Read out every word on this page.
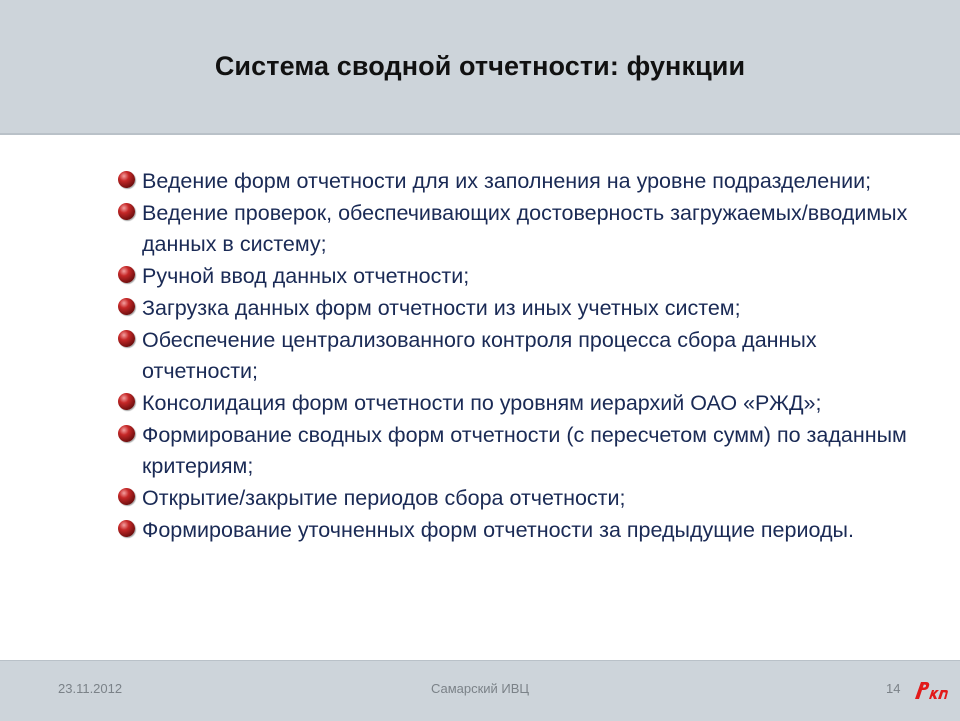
Система сводной отчетности: функции
Ведение форм отчетности для их заполнения на уровне подразделении;
Ведение проверок, обеспечивающих достоверность загружаемых/вводимых данных в систему;
Ручной ввод данных отчетности;
Загрузка данных форм отчетности из иных учетных систем;
Обеспечение централизованного контроля процесса сбора данных отчетности;
Консолидация форм отчетности по уровням иерархий ОАО «РЖД»;
Формирование сводных форм отчетности (с пересчетом сумм) по заданным критериям;
Открытие/закрытие периодов сбора отчетности;
Формирование уточненных форм отчетности за предыдущие периоды.
23.11.2012	Самарский ИВЦ	14
